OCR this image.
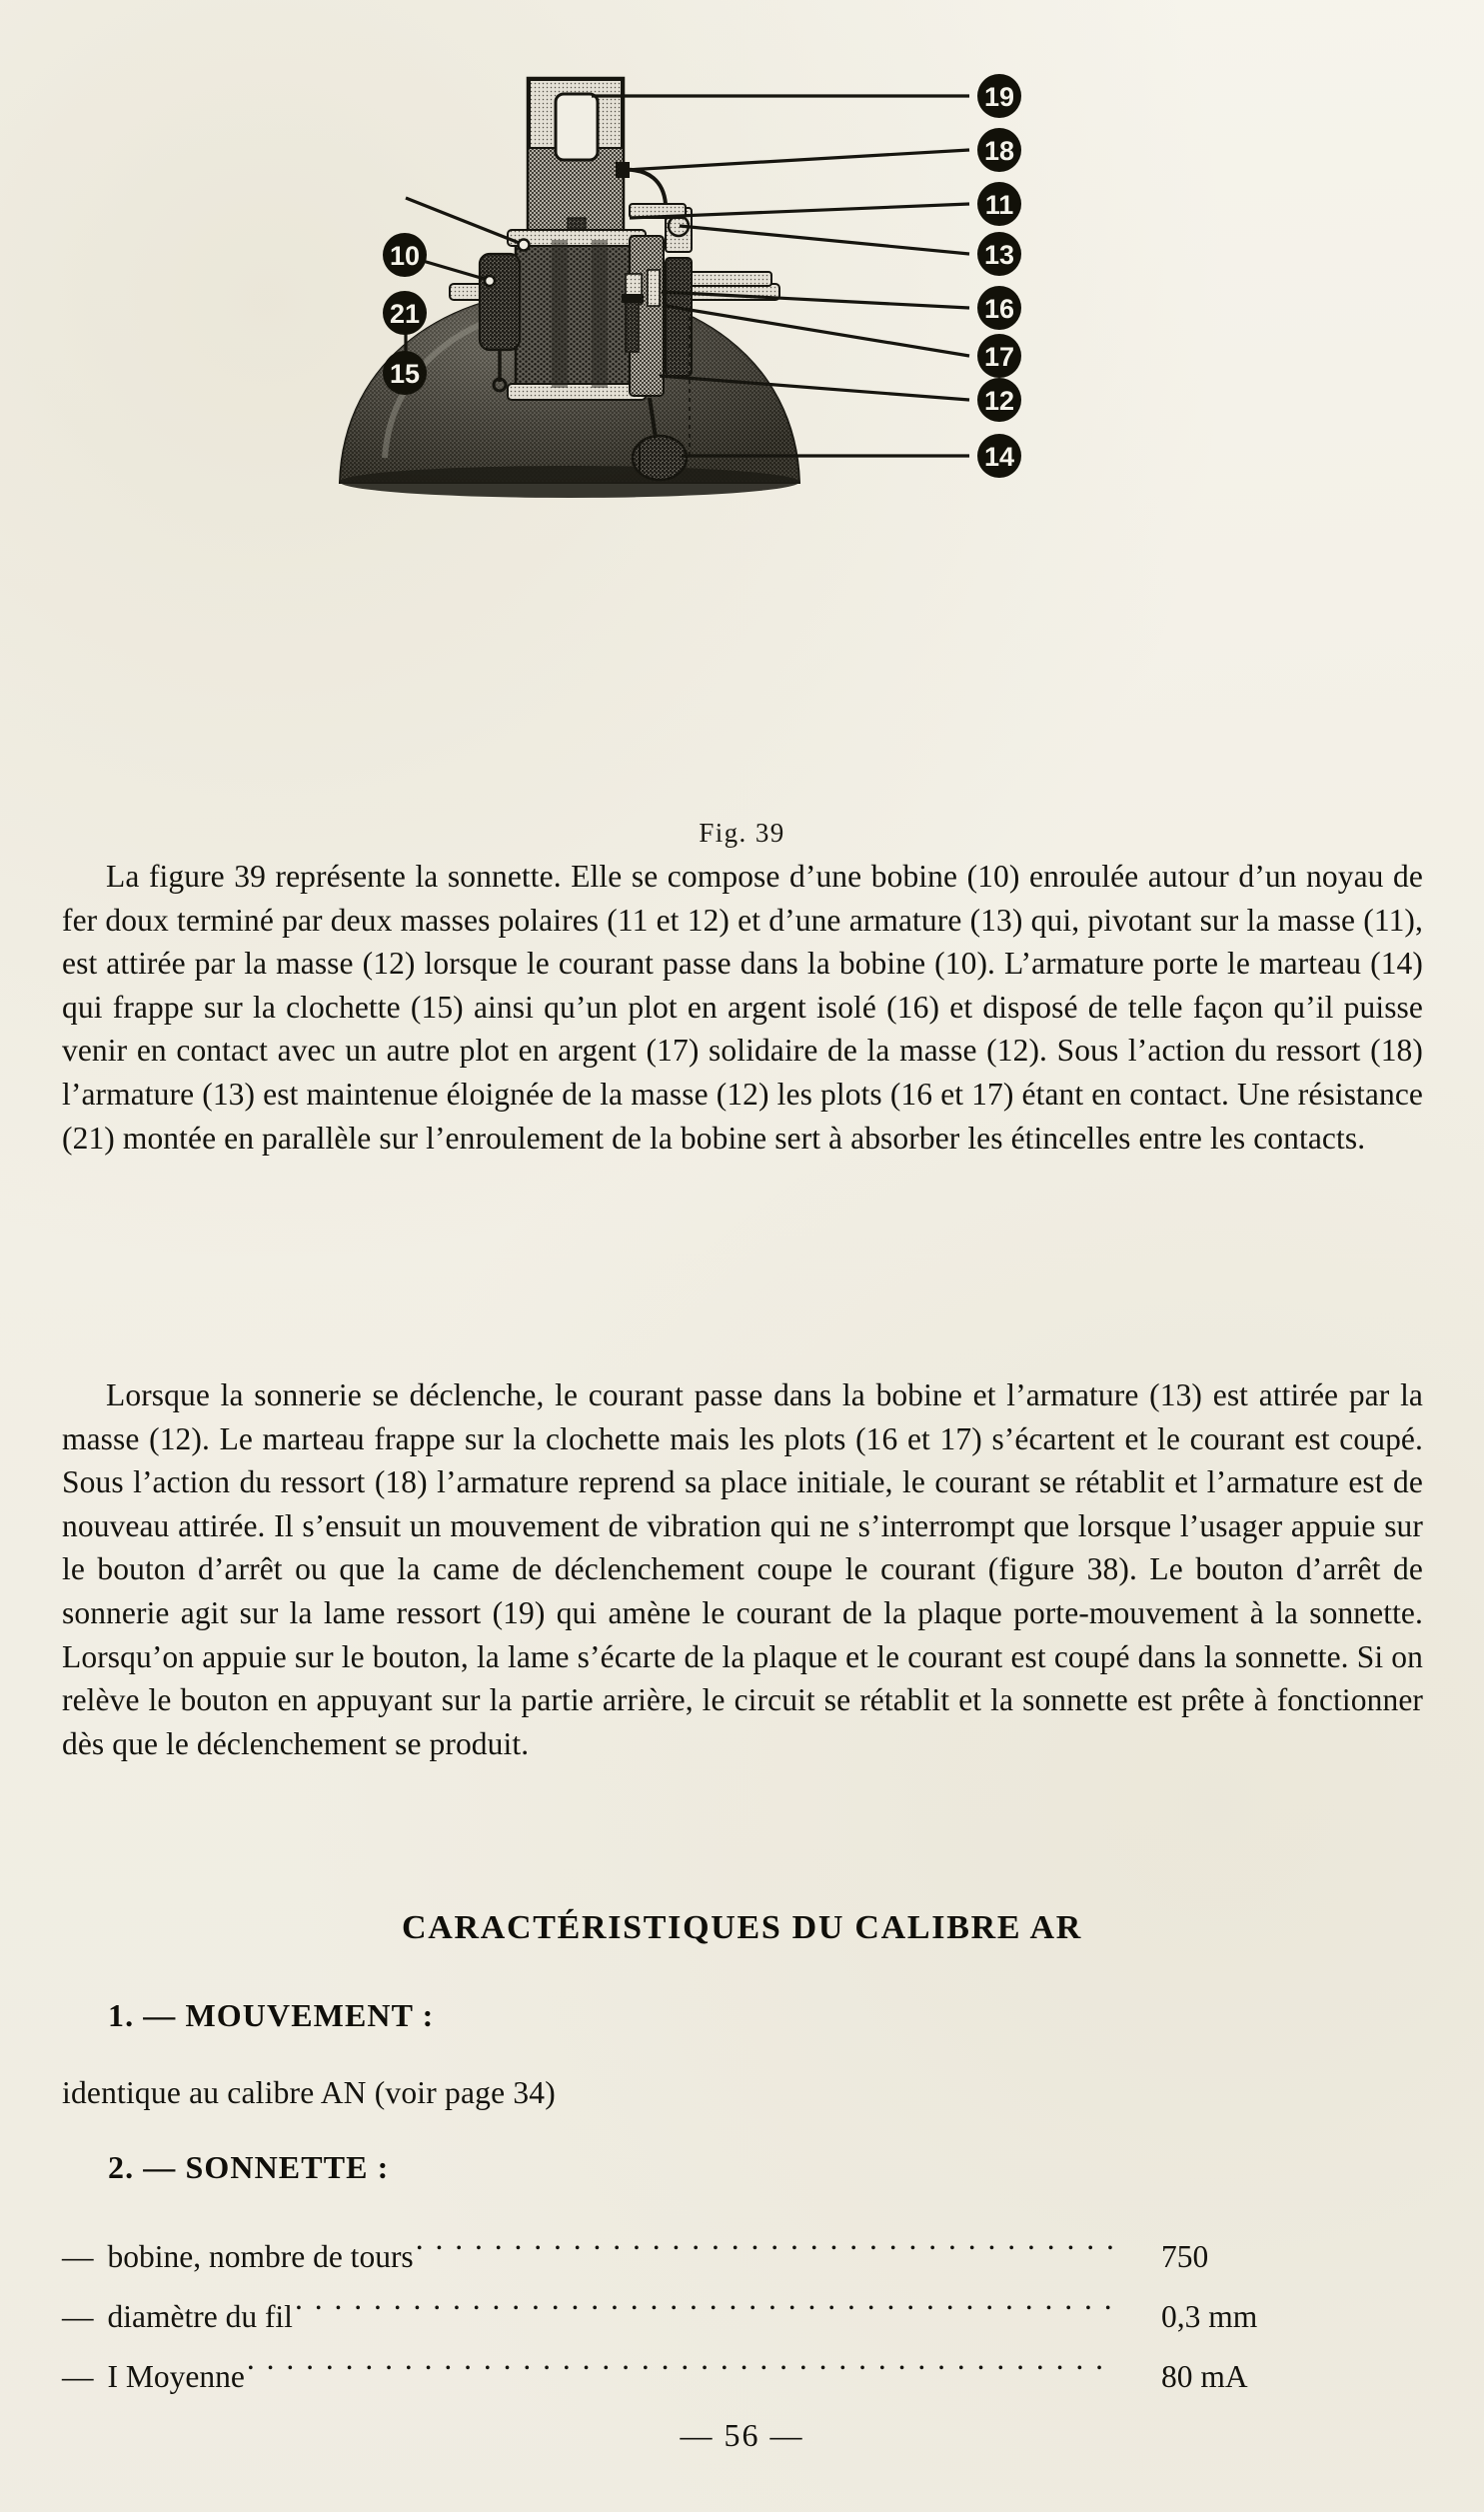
10
21
15
19
18
11
13
16
17
12
14
Fig. 39

La figure 39 représente la sonnette. Elle se compose d’une bobine (10) enroulée autour d’un noyau de fer doux terminé par deux masses polaires (11 et 12) et d’une armature (13) qui, pivotant sur la masse (11), est attirée par la masse (12) lorsque le courant passe dans la bobine (10). L’armature porte le marteau (14) qui frappe sur la clochette (15) ainsi qu’un plot en argent isolé (16) et disposé de telle façon qu’il puisse venir en contact avec un autre plot en argent (17) solidaire de la masse (12). Sous l’action du ressort (18) l’armature (13) est maintenue éloignée de la masse (12) les plots (16 et 17) étant en contact. Une résistance (21) montée en parallèle sur l’enroulement de la bobine sert à absorber les étincelles entre les contacts.

Lorsque la sonnerie se déclenche, le courant passe dans la bobine et l’armature (13) est attirée par la masse (12). Le marteau frappe sur la clochette mais les plots (16 et 17) s’écartent et le courant est coupé. Sous l’action du ressort (18) l’armature reprend sa place initiale, le courant se rétablit et l’armature est de nouveau attirée. Il s’ensuit un mouvement de vibration qui ne s’interrompt que lorsque l’usager appuie sur le bouton d’arrêt ou que la came de déclenchement coupe le courant (figure 38). Le bouton d’arrêt de sonnerie agit sur la lame ressort (19) qui amène le courant de la plaque porte-mouvement à la sonnette. Lorsqu’on appuie sur le bouton, la lame s’écarte de la plaque et le courant est coupé dans la sonnette. Si on relève le bouton en appuyant sur la partie arrière, le circuit se rétablit et la sonnette est prête à fonctionner dès que le déclenchement se produit.

CARACTÉRISTIQUES DU CALIBRE AR
1. — MOUVEMENT :
identique au calibre AN (voir page 34)
2. — SONNETTE :
— bobine, nombre de tours . . .	750
— diamètre du fil . . .	0,3 mm
— I Moyenne . . .	80 mA
— 56 —
